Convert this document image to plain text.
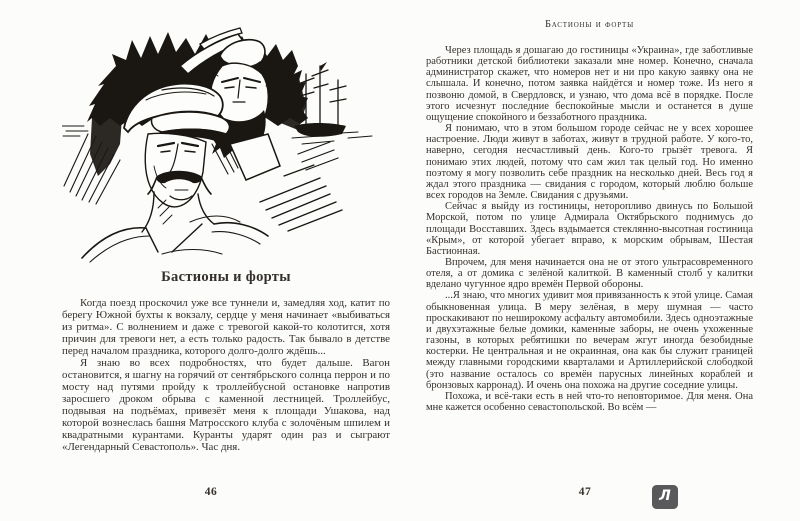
Бастионы и форты

Когда поезд проскочил уже все туннели и, замедляя ход, катит по берегу Южной бухты к вокзалу, сердце у меня начинает «выбиваться из ритма». С волнением и даже с тревогой какой-то колотится, хотя причин для тревоги нет, а есть только радость. Так бывало в детстве перед началом праздника, которого долго-долго ждёшь...

Я знаю во всех подробностях, что будет дальше. Вагон остановится, я шагну на горячий от сентябрьского солнца перрон и по мосту над путями пройду к троллейбусной остановке напротив заросшего дроком обрыва с каменной лестницей. Троллейбус, подвывая на подъёмах, привезёт меня к площади Ушакова, над которой вознеслась башня Матросского клуба с золочёным шпилем и квадратными курантами. Куранты ударят один раз и сыграют «Легендарный Севастополь». Час дня.

46
Бастионы и форты

Через площадь я дошагаю до гостиницы «Украина», где заботливые работники детской библиотеки заказали мне номер. Конечно, сначала администратор скажет, что номеров нет и ни про какую заявку она не слышала. И конечно, потом заявка найдётся и номер тоже. Из него я позвоню домой, в Свердловск, и узнаю, что дома всё в порядке. После этого исчезнут последние беспокойные мысли и останется в душе ощущение спокойного и беззаботного праздника.

Я понимаю, что в этом большом городе сейчас не у всех хорошее настроение. Люди живут в заботах, живут в трудной работе. У кого-то, наверно, сегодня несчастливый день. Кого-то грызёт тревога. Я понимаю этих людей, потому что сам жил так целый год. Но именно поэтому я могу позволить себе праздник на несколько дней. Весь год я ждал этого праздника — свидания с городом, который люблю больше всех городов на Земле. Свидания с друзьями.

Сейчас я выйду из гостиницы, неторопливо двинусь по Большой Морской, потом по улице Адмирала Октябрьского поднимусь до площади Восставших. Здесь вздымается стеклянно-высотная гостиница «Крым», от которой убегает вправо, к морским обрывам, Шестая Бастионная.

Впрочем, для меня начинается она не от этого ультрасовременного отеля, а от домика с зелёной калиткой. В каменный столб у калитки вделано чугунное ядро времён Первой обороны.

...Я знаю, что многих удивит моя привязанность к этой улице. Самая обыкновенная улица. В меру зелёная, в меру шумная — часто проскакивают по неширокому асфальту автомобили. Здесь одноэтажные и двухэтажные белые домики, каменные заборы, не очень ухоженные газоны, в которых ребятишки по вечерам жгут иногда безобидные костерки. Не центральная и не окраинная, она как бы служит границей между главными городскими кварталами и Артиллерийской слободкой (это название осталось со времён парусных линейных кораблей и бронзовых карронад). И очень она похожа на другие соседние улицы.

Похожа, и всё-таки есть в ней что-то неповторимое. Для меня. Она мне кажется особенно севастопольской. Во всём —

47	Л
